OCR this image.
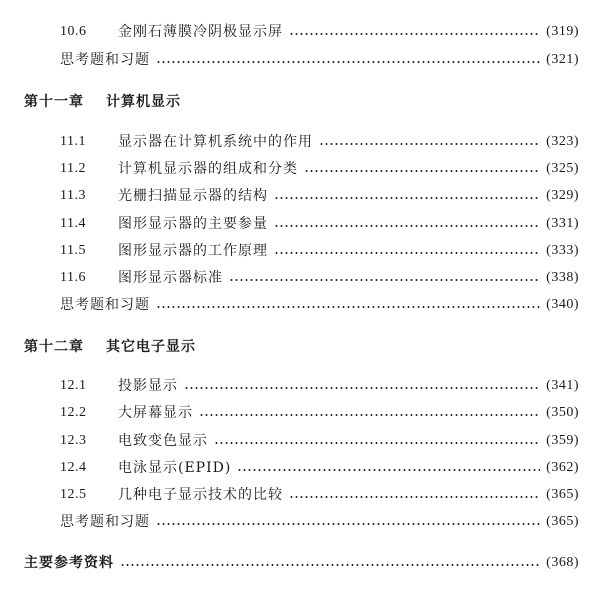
10.6	金刚石薄膜冷阴极显示屏	(319)
思考题和习题	(321)
第十一章 计算机显示
11.1	显示器在计算机系统中的作用	(323)
11.2	计算机显示器的组成和分类	(325)
11.3	光栅扫描显示器的结构	(329)
11.4	图形显示器的主要参量	(331)
11.5	图形显示器的工作原理	(333)
11.6	图形显示器标准	(338)
思考题和习题	(340)
第十二章 其它电子显示
12.1	投影显示	(341)
12.2	大屏幕显示	(350)
12.3	电致变色显示	(359)
12.4	电泳显示(EPID)	(362)
12.5	几种电子显示技术的比较	(365)
思考题和习题	(365)
主要参考资料	(368)
